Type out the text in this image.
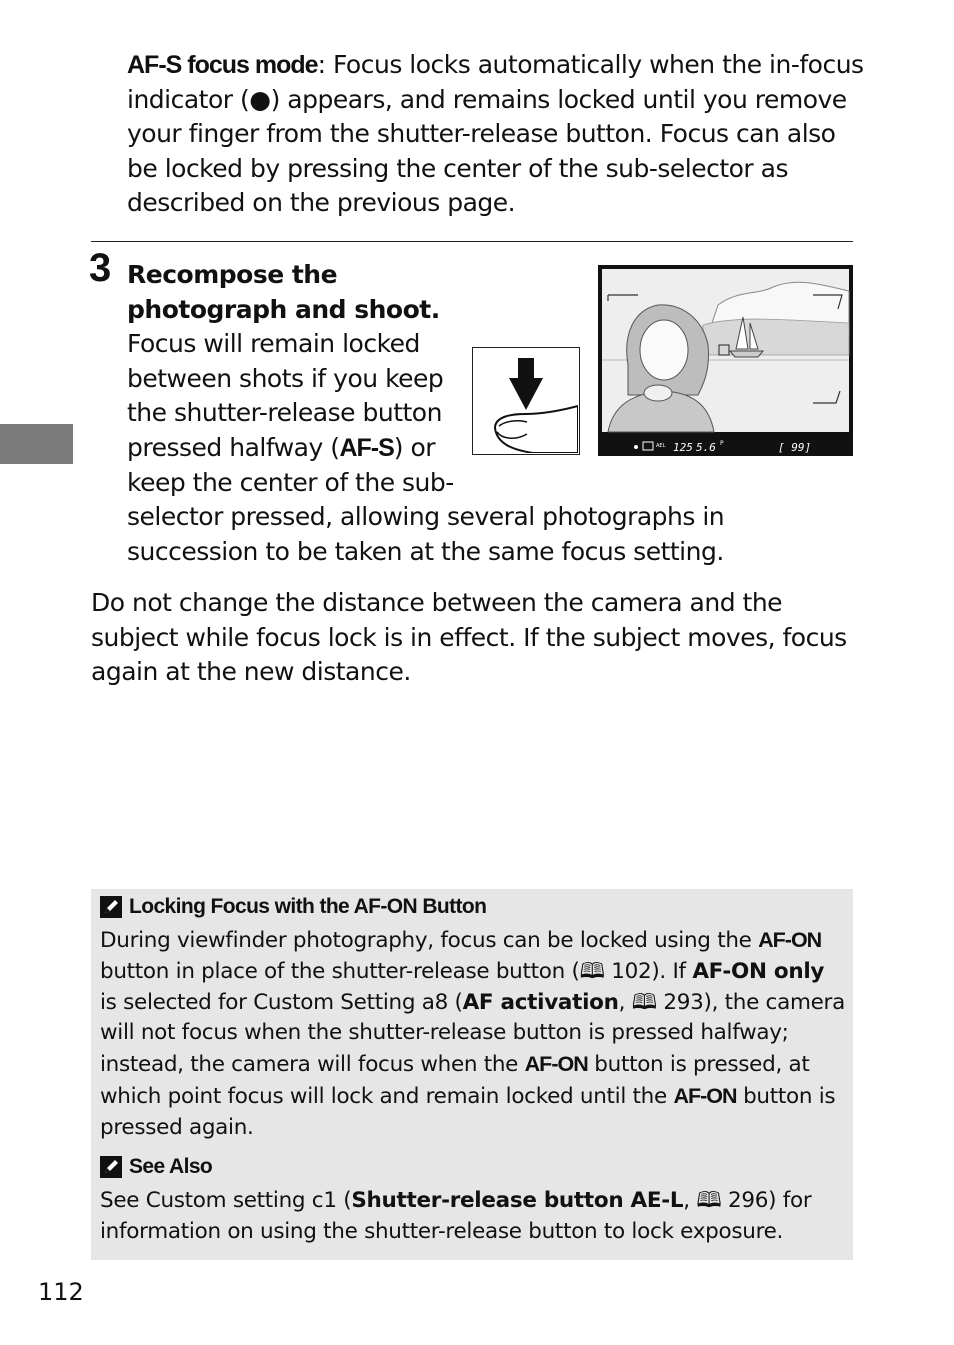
AF-S focus mode: Focus locks automatically when the in-focus indicator (●) appears, and remains locked until you remove your finger from the shutter-release button. Focus can also be locked by pressing the center of the sub-selector as described on the previous page.
3 Recompose the photograph and shoot.
Focus will remain locked between shots if you keep the shutter-release button pressed halfway (AF-S) or keep the center of the sub-
selector pressed, allowing several photographs in succession to be taken at the same focus setting.
AEL 125 5.6 P	[ 99]
Do not change the distance between the camera and the subject while focus lock is in effect. If the subject moves, focus again at the new distance.
Locking Focus with the AF-ON Button
During viewfinder photography, focus can be locked using the AF-ON button in place of the shutter-release button (🕮 102). If AF-ON only is selected for Custom Setting a8 (AF activation, 🕮 293), the camera will not focus when the shutter-release button is pressed halfway; instead, the camera will focus when the AF-ON button is pressed, at which point focus will lock and remain locked until the AF-ON button is pressed again.
See Also
See Custom setting c1 (Shutter-release button AE-L, 🕮 296) for information on using the shutter-release button to lock exposure.
112
